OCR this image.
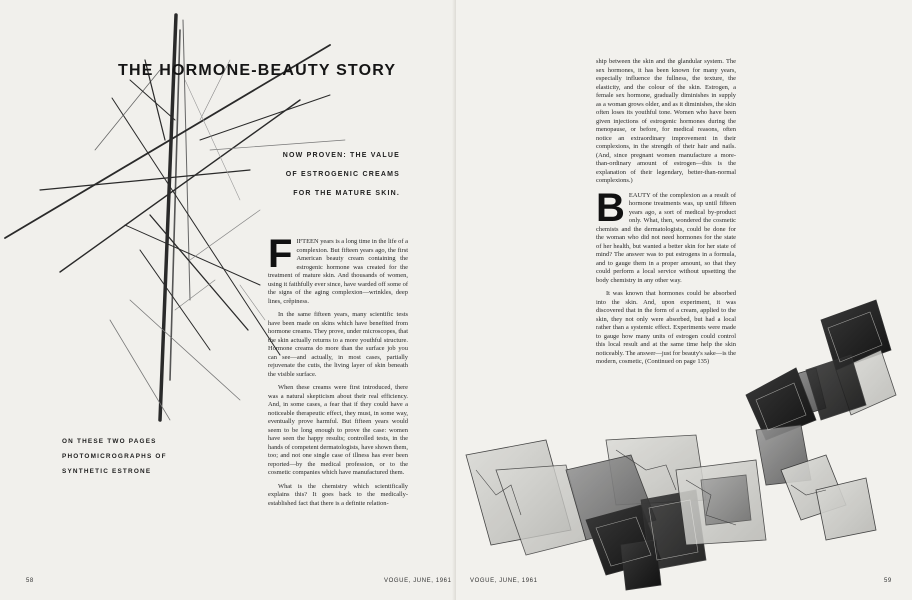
THE HORMONE-BEAUTY STORY
NOW PROVEN: THE VALUE
OF ESTROGENIC CREAMS
FOR THE MATURE SKIN.
ON THESE TWO PAGES
PHOTOMICROGRAPHS OF
SYNTHETIC ESTRONE

FIFTEEN years is a long time in the life of a complexion. But fifteen years ago, the first American beauty cream containing the estrogenic hormone was created for the treatment of mature skin. And thousands of women, using it faithfully ever since, have warded off some of the signs of the aging complexion—wrinkles, deep lines, crêpiness.

In the same fifteen years, many scientific tests have been made on skins which have benefited from hormone creams. They prove, under microscopes, that the skin actually returns to a more youthful structure. Hormone creams do more than the surface job you can see—and actually, in most cases, partially rejuvenate the cutis, the living layer of skin beneath the visible surface.

When these creams were first introduced, there was a natural skepticism about their real efficiency. And, in some cases, a fear that if they could have a noticeable therapeutic effect, they must, in some way, eventually prove harmful. But fifteen years would seem to be long enough to prove the case: women have seen the happy results; controlled tests, in the hands of competent dermatologists, have shown them, too; and not one single case of illness has ever been reported—by the medical profession, or to the cosmetic companies which have manufactured them.

What is the chemistry which scientifically explains this? It goes back to the medically-established fact that there is a definite relation-

58	VOGUE, JUNE, 1961

ship between the skin and the glandular system. The sex hormones, it has been known for many years, especially influence the fullness, the texture, the elasticity, and the colour of the skin. Estrogen, a female sex hormone, gradually diminishes in supply as a woman grows older, and as it diminishes, the skin often loses its youthful tone. Women who have been given injections of estrogenic hormones during the menopause, or before, for medical reasons, often notice an extraordinary improvement in their complexions, in the strength of their hair and nails. (And, since pregnant women manufacture a more-than-ordinary amount of estrogen—this is the explanation of their legendary, better-than-normal complexions.)

BEAUTY of the complexion as a result of hormone treatments was, up until fifteen years ago, a sort of medical by-product only. What, then, wondered the cosmetic chemists and the dermatologists, could be done for the woman who did not need hormones for the state of her health, but wanted a better skin for her state of mind? The answer was to put estrogens in a formula, and to gauge them in a proper amount, so that they could perform a local service without upsetting the body chemistry in any other way.

It was known that hormones could be absorbed into the skin. And, upon experiment, it was discovered that in the form of a cream, applied to the skin, they not only were absorbed, but had a local rather than a systemic effect. Experiments were made to gauge how many units of estrogen could control this local result and at the same time help the skin noticeably. The answer—just for beauty's sake—is the modern, cosmetic, (Continued on page 135)

VOGUE, JUNE, 1961	59
